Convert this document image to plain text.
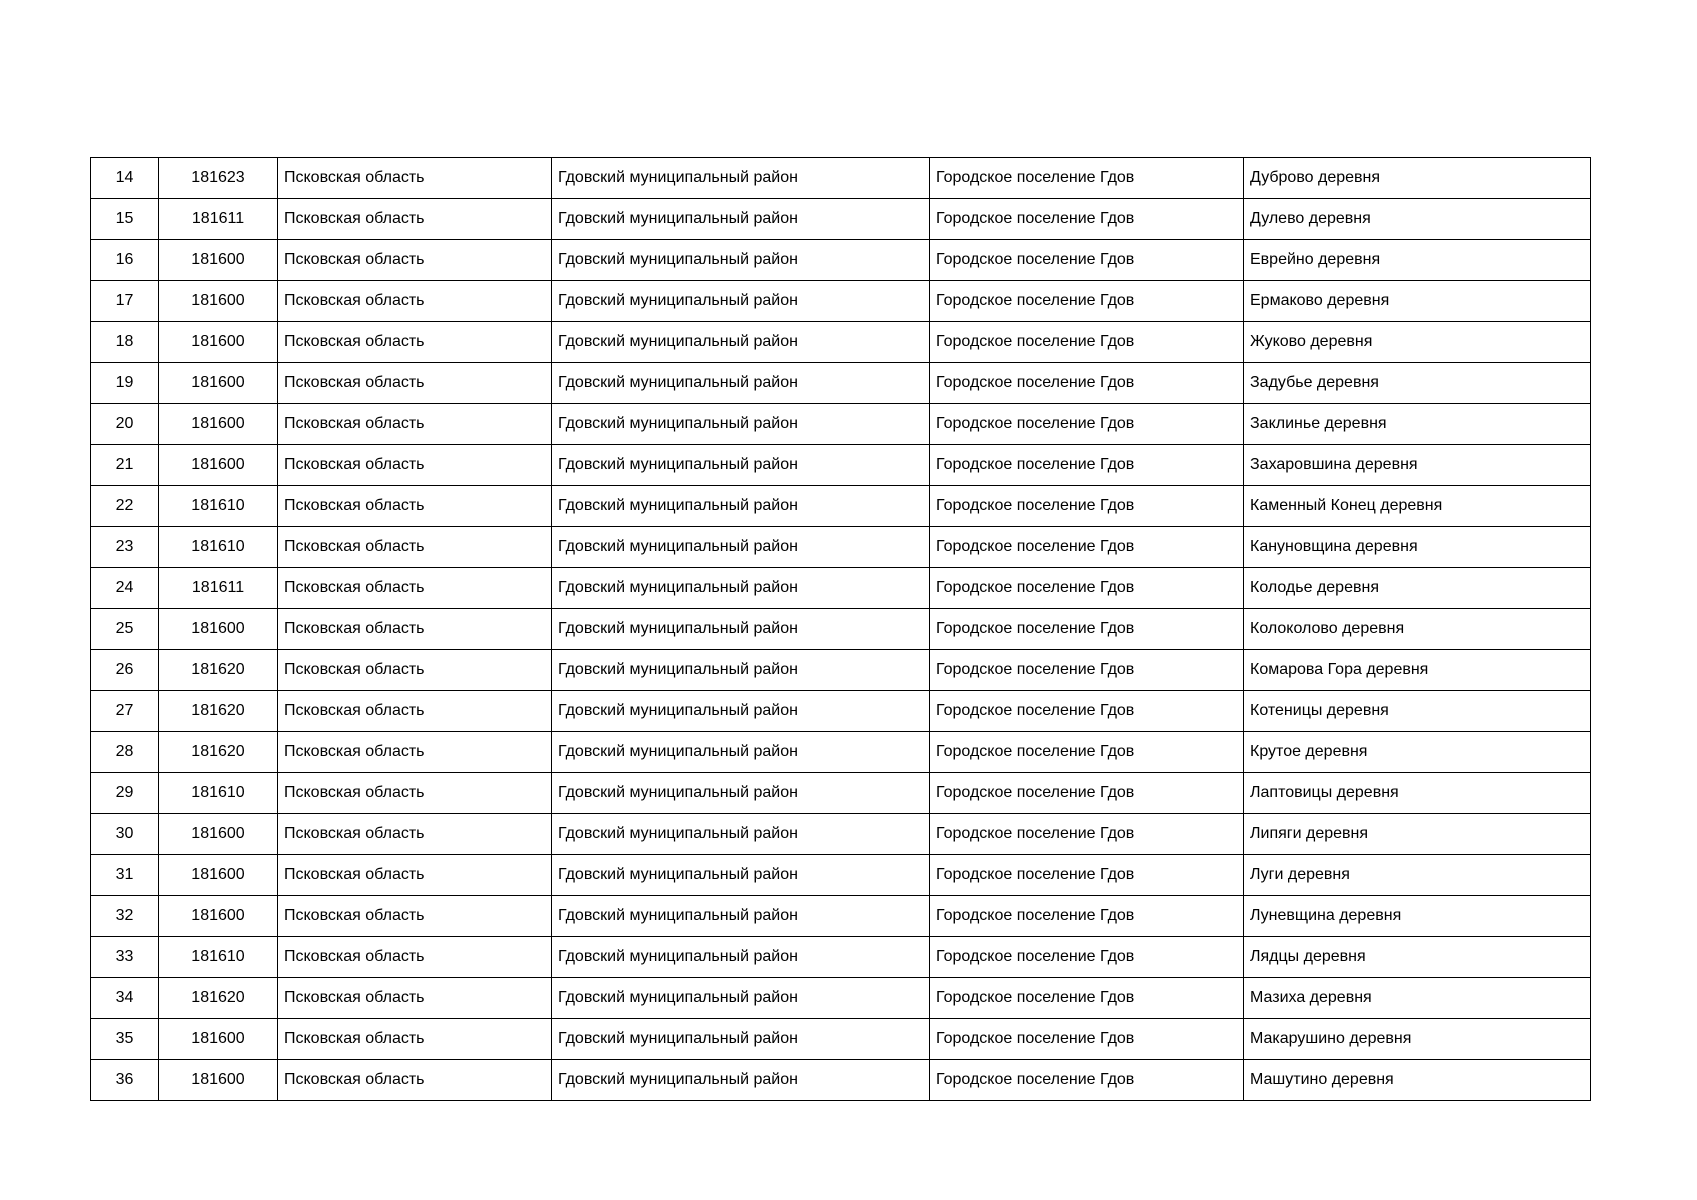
14	181623	Псковская область	Гдовский муниципальный район	Городское поселение Гдов	Дуброво деревня
15	181611	Псковская область	Гдовский муниципальный район	Городское поселение Гдов	Дулево деревня
16	181600	Псковская область	Гдовский муниципальный район	Городское поселение Гдов	Еврейно деревня
17	181600	Псковская область	Гдовский муниципальный район	Городское поселение Гдов	Ермаково деревня
18	181600	Псковская область	Гдовский муниципальный район	Городское поселение Гдов	Жуково деревня
19	181600	Псковская область	Гдовский муниципальный район	Городское поселение Гдов	Задубье деревня
20	181600	Псковская область	Гдовский муниципальный район	Городское поселение Гдов	Заклинье деревня
21	181600	Псковская область	Гдовский муниципальный район	Городское поселение Гдов	Захаровшина деревня
22	181610	Псковская область	Гдовский муниципальный район	Городское поселение Гдов	Каменный Конец деревня
23	181610	Псковская область	Гдовский муниципальный район	Городское поселение Гдов	Кануновщина деревня
24	181611	Псковская область	Гдовский муниципальный район	Городское поселение Гдов	Колодье деревня
25	181600	Псковская область	Гдовский муниципальный район	Городское поселение Гдов	Колоколово деревня
26	181620	Псковская область	Гдовский муниципальный район	Городское поселение Гдов	Комарова Гора деревня
27	181620	Псковская область	Гдовский муниципальный район	Городское поселение Гдов	Котеницы деревня
28	181620	Псковская область	Гдовский муниципальный район	Городское поселение Гдов	Крутое деревня
29	181610	Псковская область	Гдовский муниципальный район	Городское поселение Гдов	Лаптовицы деревня
30	181600	Псковская область	Гдовский муниципальный район	Городское поселение Гдов	Липяги деревня
31	181600	Псковская область	Гдовский муниципальный район	Городское поселение Гдов	Луги деревня
32	181600	Псковская область	Гдовский муниципальный район	Городское поселение Гдов	Луневщина деревня
33	181610	Псковская область	Гдовский муниципальный район	Городское поселение Гдов	Лядцы деревня
34	181620	Псковская область	Гдовский муниципальный район	Городское поселение Гдов	Мазиха деревня
35	181600	Псковская область	Гдовский муниципальный район	Городское поселение Гдов	Макарушино деревня
36	181600	Псковская область	Гдовский муниципальный район	Городское поселение Гдов	Машутино деревня
